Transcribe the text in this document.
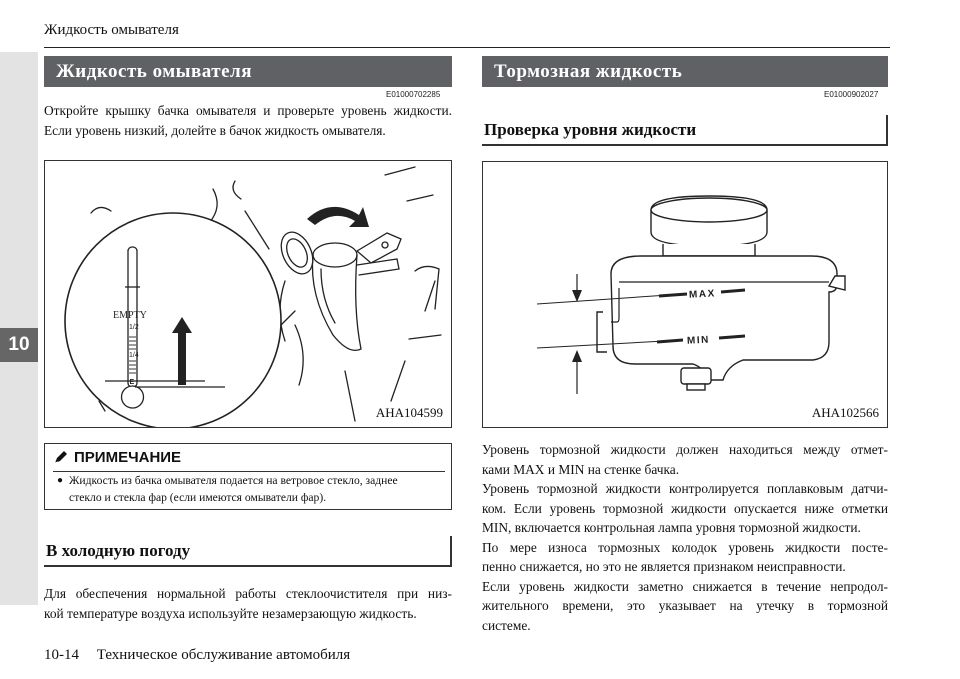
Жидкость омывателя
10
Жидкость омывателя
E01000702285
Откройте крышку бачка омывателя и проверьте уровень жидкости.
Если уровень низкий, долейте в бачок жидкость омывателя.
EMPTY
1/2
1/4
E
AHA104599
ПРИМЕЧАНИЕ
● Жидкость из бачка омывателя подается на ветровое стекло, заднее
стекло и стекла фар (если имеются омыватели фар).
В холодную погоду
Для обеспечения нормальной работы стеклоочистителя при низ-
кой температуре воздуха используйте незамерзающую жидкость.
Тормозная жидкость
E01000902027
Проверка уровня жидкости
MAX
MIN
AHA102566
Уровень тормозной жидкости должен находиться между отмет-
ками MAX и MIN на стенке бачка.
Уровень тормозной жидкости контролируется поплавковым датчи-
ком. Если уровень тормозной жидкости опускается ниже отметки
MIN, включается контрольная лампа уровня тормозной жидкости.
По мере износа тормозных колодок уровень жидкости посте-
пенно снижается, но это не является признаком неисправности.
Если уровень жидкости заметно снижается в течение непродол-
жительного времени, это указывает на утечку в тормозной
системе.
10-14 Техническое обслуживание автомобиля
